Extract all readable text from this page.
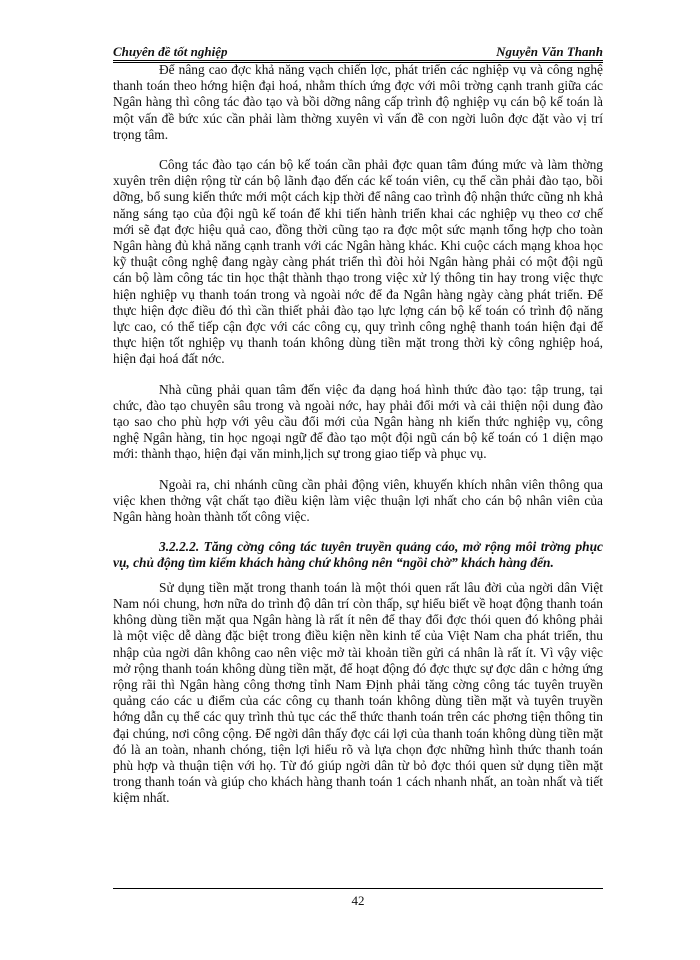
Chuyên đề tốt nghiệp	Nguyễn Văn Thanh

Để nâng cao đợc khả năng vạch chiến lợc, phát triển các nghiệp vụ và công nghệ thanh toán theo hớng hiện đại hoá, nhằm thích ứng đợc với môi trờng cạnh tranh giữa các Ngân hàng thì công tác đào tạo và bồi dỡng nâng cấp trình độ nghiệp vụ cán bộ kế toán là một vấn đề bức xúc cần phải làm thờng xuyên vì vấn đề con ngời luôn đợc đặt vào vị trí trọng tâm.

Công tác đào tạo cán bộ kế toán cần phải đợc quan tâm đúng mức và làm thờng xuyên trên diện rộng từ cán bộ lãnh đạo đến các kế toán viên, cụ thể cần phải đào tạo, bồi dỡng, bổ sung kiến thức mới một cách kịp thời để nâng cao trình độ nhận thức cũng nh khả năng sáng tạo của đội ngũ kế toán để khi tiến hành triển khai các nghiệp vụ theo cơ chế mới sẽ đạt đợc hiệu quả cao, đồng thời cũng tạo ra đợc một sức mạnh tổng hợp cho toàn Ngân hàng đủ khả năng cạnh tranh với các Ngân hàng khác. Khi cuộc cách mạng khoa học kỹ thuật công nghệ đang ngày càng phát triển thì đòi hỏi Ngân hàng phải có một đội ngũ cán bộ làm công tác tin học thật thành thạo trong việc xử lý thông tin hay trong việc thực hiện nghiệp vụ thanh toán trong và ngoài nớc để đa Ngân hàng ngày càng phát triển. Để thực hiện đợc điều đó thì cần thiết phải đào tạo lực lợng cán bộ kế toán có trình độ năng lực cao, có thể tiếp cận đợc với các công cụ, quy trình công nghệ thanh toán hiện đại để thực hiện tốt nghiệp vụ thanh toán không dùng tiền mặt trong thời kỳ công nghiệp hoá, hiện đại hoá đất nớc.

Nhà cũng phải quan tâm đến việc đa dạng hoá hình thức đào tạo: tập trung, tại chức, đào tạo chuyên sâu trong và ngoài nớc, hay phải đổi mới và cải thiện nội dung đào tạo sao cho phù hợp với yêu cầu đổi mới của Ngân hàng nh kiến thức nghiệp vụ, công nghệ Ngân hàng, tin học ngoại ngữ để đào tạo một đội ngũ cán bộ kế toán có 1 diện mạo mới: thành thạo, hiện đại văn minh,lịch sự trong giao tiếp và phục vụ.

Ngoài ra, chi nhánh cũng cần phải động viên, khuyến khích nhân viên thông qua việc khen thởng vật chất tạo điều kiện làm việc thuận lợi nhất cho cán bộ nhân viên của Ngân hàng hoàn thành tốt công việc.

3.2.2.2. Tăng cờng công tác tuyên truyền quảng cáo, mở rộng môi trờng phục vụ, chủ động tìm kiếm khách hàng chứ không nên “ngồi chờ” khách hàng đến.

Sử dụng tiền mặt trong thanh toán là một thói quen rất lâu đời của ngời dân Việt Nam nói chung, hơn nữa do trình độ dân trí còn thấp, sự hiểu biết về hoạt động thanh toán không dùng tiền mặt qua Ngân hàng là rất ít nên để thay đổi đợc thói quen đó không phải là một việc dễ dàng đặc biệt trong điều kiện nền kinh tế của Việt Nam cha phát triển, thu nhập của ngời dân không cao nên việc mở tài khoản tiền gửi cá nhân là rất ít. Vì vậy việc mở rộng thanh toán không dùng tiền mặt, để hoạt động đó đợc thực sự đợc dân c hởng ứng rộng rãi thì Ngân hàng công thơng tỉnh Nam Định phải tăng cờng công tác tuyên truyền quảng cáo các u điểm của các công cụ thanh toán không dùng tiền mặt và tuyên truyền hớng dẫn cụ thể các quy trình thủ tục các thể thức thanh toán trên các phơng tiện thông tin đại chúng, nơi công cộng. Để ngời dân thấy đợc cái lợi của thanh toán không dùng tiền mặt đó là an toàn, nhanh chóng, tiện lợi hiểu rõ và lựa chọn đợc những hình thức thanh toán phù hợp và thuận tiện với họ. Từ đó giúp ngời dân từ bỏ đợc thói quen sử dụng tiền mặt trong thanh toán và giúp cho khách hàng thanh toán 1 cách nhanh nhất, an toàn nhất và tiết kiệm nhất.

42
